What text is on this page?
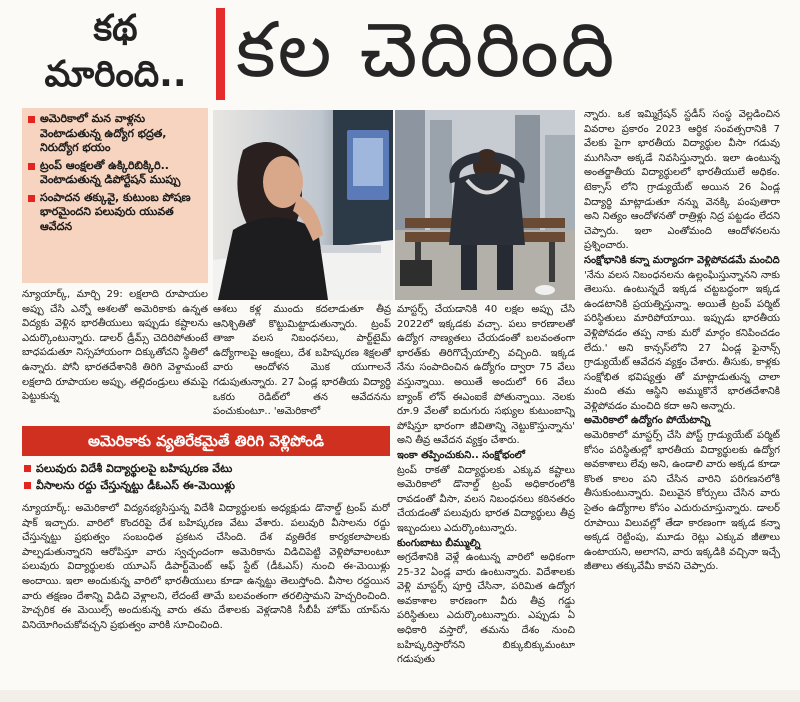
కథ
మారింది.. కల చెదిరింది
అమెరికాలో మన వాళ్లను వెంటాడుతున్న ఉద్యోగ భద్రత, నిరుద్యోగ భయం
ట్రంప్ ఆంక్షలతో ఉక్కిరిబిక్కిరి.. వెంటాడుతున్న డిపోర్టేషన్ ముప్పు
సంపాదన తక్కువై, కుటుంబ పోషణ భారమైందని పలువురు యువత ఆవేదన

న్యూయార్క్, మార్చి 29: లక్షలాది రూపాయల అప్పు చేసి ఎన్నో ఆశలతో అమెరికాకు ఉన్నత విద్యకు వెళ్లిన భారతీయులు ఇప్పుడు కష్టాలను ఎదుర్కొంటున్నారు. డాలర్ డ్రీమ్స్ చెదిరిపోతుంటే బాధపడుతూ నిస్సహాయంగా దిక్కుతోచని స్థితిలో ఉన్నారు. పోనీ భారతదేశానికి తిరిగి వెళ్దామంటే లక్షలాది రూపాయల అప్పు, తల్లిదండ్రులు తమపై పెట్టుకున్న

ఆశలు కళ్ల ముందు కదలాడుతూ తీవ్ర ఆనిశ్చితితో కొట్టుమిట్టాడుతున్నారు. ట్రంప్ తాజా వలస నిబంధనలు, పార్ట్‌టైమ్ ఉద్యోగాలపై ఆంక్షలు, దేశ బహిష్కరణ శిక్షలతో వారు ఆందోళన మొక యుగాలనే గడుపుతున్నారు. 27 ఏండ్ల భారతీయ విద్యార్థి ఒకరు రెడిట్‌లో తన ఆవేదనను పంచుకుంటూ.. 'అమెరికాలో

మాస్టర్స్ చేయడానికి 40 లక్షల అప్పు చేసి 2022లో ఇక్కడకు వచ్చా. పలు కారణాలతో ఉద్యోగ నాణ్యతలు చేయడంతో బలవంతంగా భారత్‌కు తిరిగొచ్చేయాల్సి వచ్చింది. ఇక్కడ నేను సంపాదించిన ఉద్యోగం ద్వారా 75 వేలు వస్తున్నాయి. అయితే అందులో 66 వేలు బ్యాంక్ లోన్ ఈఎంఐకే పోతున్నాయి. నెలకు రూ.9 వేలతో ఐదుగురు సభ్యుల కుటుంబాన్ని పోషిస్తూ భారంగా జీవితాన్ని నెట్టుకొస్తున్నాను' అని తీవ్ర ఆవేదన వ్యక్తం చేశారు.

ఇంకా తప్పించుకుని.. సంక్షోభంలో

ట్రంప్ రాకతో విద్యార్థులకు ఎక్కువ కష్టాలు అమెరికాలో డొనాల్డ్ ట్రంప్ అధికారంలోకి రావడంతో వీసా, వలస నిబంధనలు కఠినతరం చేయడంతో పలువురు భారత విద్యార్థులు తీవ్ర ఇబ్బందులు ఎదుర్కొంటున్నారు.

కుంగుబాటు బీమ్ముల్ని

అగ్రదేశానికి వెళ్లే ఉంటున్న వారిలో అధికంగా 25-32 ఏండ్ల వారు ఉంటున్నారు. విదేశాలకు వెళ్లి మాస్టర్స్ పూర్తి చేసినా, పరిమిత ఉద్యోగ అవకాశాల కారణంగా వీరు తీవ్ర గడ్డు పరిస్థితులు ఎదుర్కొంటున్నారు. ఎప్పుడు ఏ అధికారి వస్తారో, తమను దేశం నుంచి బహిష్కరిస్తారోనని బిక్కుబిక్కుమంటూ గడుపుతు

న్నారు. ఒక ఇమ్మిగ్రేషన్ స్టడీస్ సంస్థ వెల్లడించిన వివరాల ప్రకారం 2023 ఆర్థిక సంవత్సరానికి 7 వేలకు పైగా భారతీయ విద్యార్థుల వీసా గడువు ముగిసినా అక్కడే నివసిస్తున్నారు. ఇలా ఉంటున్న అంతర్జాతీయ విద్యార్థులలో భారతీయులే అధికం. టెక్సాస్ లోని గ్రాడ్యుయేట్ అయిన 26 ఏండ్ల విద్యార్థి మాట్లాడుతూ నన్ను వెనక్కి పంపుతారా అని నిత్యం ఆందోళనతో రాత్రిళ్లు నిద్ర పట్టడం లేదని చెప్పారు. ఇలా ఎంతోమంది ఆందోళనలను ప్రశ్నించారు.

సంక్షోభానికి కన్నా మర్యాదగా వెళ్లిపోవడమే మంచిది

'నేను వలస నిబంధనలను ఉల్లంఘిస్తున్నానని నాకు తెలుసు. ఉంటున్నదే ఇక్కడ చట్టబద్ధంగా ఇక్కడ ఉండటానికి ప్రయత్నిస్తున్నా. అయితే ట్రంప్ పర్మిట్ పరిస్థితులు మారిపోయాయి. ఇప్పుడు భారతీయ వెళ్లిపోవడం తప్ప నాకు మరో మార్గం కనిపించడం లేదు.' అని కాన్సస్‌లోని 27 ఏండ్ల ఫైనాన్స్ గ్రాడ్యుయేట్ ఆవేదన వ్యక్తం చేశారు. తీసుకు, కాళ్లకు సంక్షోభిత భవిష్యత్తు తో మాట్లాడుతున్న చాలా మంది తమ ఆస్థిని అమ్ముకొనే భారతదేశానికి వెళ్లిపోవడం మంచిది కదా అని అన్నారు.

అమెరికాలో ఉద్యోగం పోయేటాన్ని

అమెరికాలో మాస్టర్స్ చేసి పోస్ట్ గ్రాడ్యుయేట్ పర్మిట్ కోసం పరిస్థితుల్లో భారతీయ విద్యార్థులకు ఉద్యోగ అవకాశాలు లేవు అని, ఉండాలి వారు అక్కడ కూడా కొంత కాలం పని చేసిన వారిని పరిగణనలోకి తీసుకుంటున్నారు. విలువైన కోర్సులు చేసిన వారు సైతం ఉద్యోగాల కోసం ఎదురుచూస్తున్నారు. డాలర్ రూపాయి విలువల్లో తేడా కారణంగా ఇక్కడ కన్నా అక్కడ రెట్టింపు, మూడు రెట్లు ఎక్కువ జీతాలు ఉంటాయని, అలాగని, వారు ఇక్కడికి వచ్చినా ఇచ్చే జీతాలు తక్కువేమీ కావని చెప్పారు.

అమెరికాకు వ్యతిరేకమైతే తిరిగి వెళ్లిపోండి
పలువురు విదేశీ విద్యార్థులపై బహిష్కరణ వేటు
వీసాలను రద్దు చేస్తున్నట్టు డీఓఎస్ ఈ-మెయిళ్లు

న్యూయార్క్: అమెరికాలో విద్యనభ్యసిస్తున్న విదేశీ విద్యార్థులకు అధ్యక్షుడు డొనాల్డ్ ట్రంప్ మరో షాక్ ఇచ్చారు. వారిలో కొందరిపై దేశ బహిష్కరణ వేటు వేశారు. పలువురి వీసాలను రద్దు చేస్తున్నట్టు ప్రభుత్వం సంబంధిత ప్రకటన చేసింది. దేశ వ్యతిరేక కార్యకలాపాలకు పాల్పడుతున్నారని ఆరోపిస్తూ వారు స్వచ్ఛందంగా అమెరికాను విడిచిపెట్టి వెళ్లిపోవాలంటూ పలువురు విద్యార్థులకు యూఎస్ డిపార్ట్‌మెంట్ ఆఫ్ స్టేట్ (డీఓఎస్) నుంచి ఈ-మెయిళ్లు అందాయి. ఇలా అందుకున్న వారిలో భారతీయులు కూడా ఉన్నట్టు తెలుస్తోంది. వీసాల రద్దయిన వారు తక్షణం దేశాన్ని విడిచి వెళ్లాలని, లేదంటే తామే బలవంతంగా తరలిస్తామని హెచ్చరించింది. హెచ్చరిక ఈ మెయిల్స్ అందుకున్న వారు తమ దేశాలకు వెళ్లడానికి సీబీపీ హోమ్ యాప్‌ను వినియోగించుకోవచ్చని ప్రభుత్వం వారికి సూచించింది.
